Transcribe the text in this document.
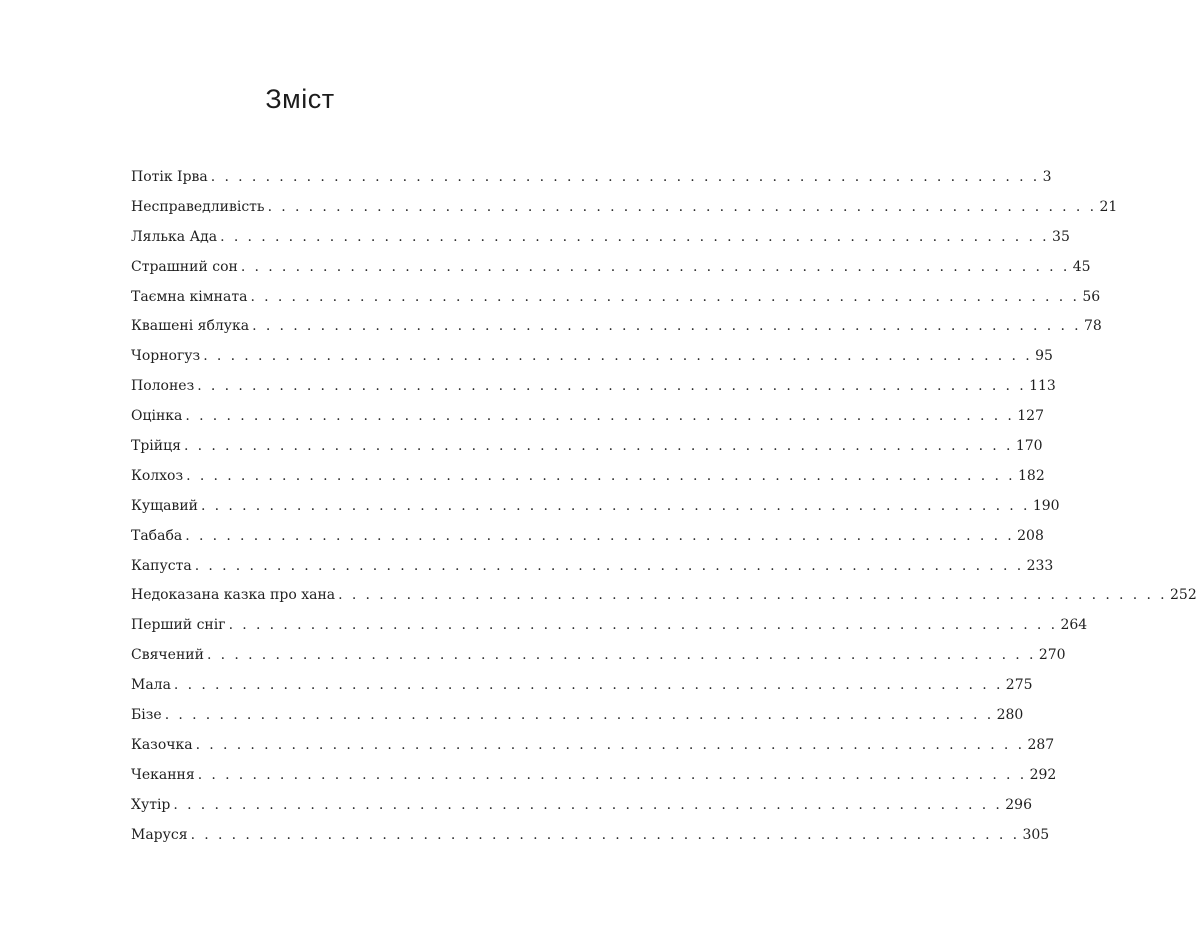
Зміст
Потік Ірва . . . . . . . . . . . . . . . . . . . . . . . . . . . . . . . . . . . . . . . . . . . . . . . . . . . . . . . . . . . . . 3
Несправедливість . . . . . . . . . . . . . . . . . . . . . . . . . . . . . . . . . . . . . . . . . . . . . . . . . . . . . . . . . . . . . 21
Лялька Ада . . . . . . . . . . . . . . . . . . . . . . . . . . . . . . . . . . . . . . . . . . . . . . . . . . . . . . . . . . . . . 35
Страшний сон . . . . . . . . . . . . . . . . . . . . . . . . . . . . . . . . . . . . . . . . . . . . . . . . . . . . . . . . . . . . . 45
Таємна кімната . . . . . . . . . . . . . . . . . . . . . . . . . . . . . . . . . . . . . . . . . . . . . . . . . . . . . . . . . . . . . 56
Квашені яблука . . . . . . . . . . . . . . . . . . . . . . . . . . . . . . . . . . . . . . . . . . . . . . . . . . . . . . . . . . . . . 78
Чорногуз . . . . . . . . . . . . . . . . . . . . . . . . . . . . . . . . . . . . . . . . . . . . . . . . . . . . . . . . . . . . . 95
Полонез . . . . . . . . . . . . . . . . . . . . . . . . . . . . . . . . . . . . . . . . . . . . . . . . . . . . . . . . . . . . . 113
Оцінка . . . . . . . . . . . . . . . . . . . . . . . . . . . . . . . . . . . . . . . . . . . . . . . . . . . . . . . . . . . . . 127
Трійця . . . . . . . . . . . . . . . . . . . . . . . . . . . . . . . . . . . . . . . . . . . . . . . . . . . . . . . . . . . . . 170
Колхоз . . . . . . . . . . . . . . . . . . . . . . . . . . . . . . . . . . . . . . . . . . . . . . . . . . . . . . . . . . . . . 182
Кущавий . . . . . . . . . . . . . . . . . . . . . . . . . . . . . . . . . . . . . . . . . . . . . . . . . . . . . . . . . . . . . 190
Табаба . . . . . . . . . . . . . . . . . . . . . . . . . . . . . . . . . . . . . . . . . . . . . . . . . . . . . . . . . . . . . 208
Капуста . . . . . . . . . . . . . . . . . . . . . . . . . . . . . . . . . . . . . . . . . . . . . . . . . . . . . . . . . . . . . 233
Недоказана казка про хана . . . . . . . . . . . . . . . . . . . . . . . . . . . . . . . . . . . . . . . . . . . . . . . . . . . . . . . . . . . . . 252
Перший сніг . . . . . . . . . . . . . . . . . . . . . . . . . . . . . . . . . . . . . . . . . . . . . . . . . . . . . . . . . . . . . 264
Свячений . . . . . . . . . . . . . . . . . . . . . . . . . . . . . . . . . . . . . . . . . . . . . . . . . . . . . . . . . . . . . 270
Мала . . . . . . . . . . . . . . . . . . . . . . . . . . . . . . . . . . . . . . . . . . . . . . . . . . . . . . . . . . . . . 275
Бізе . . . . . . . . . . . . . . . . . . . . . . . . . . . . . . . . . . . . . . . . . . . . . . . . . . . . . . . . . . . . . 280
Казочка . . . . . . . . . . . . . . . . . . . . . . . . . . . . . . . . . . . . . . . . . . . . . . . . . . . . . . . . . . . . . 287
Чекання . . . . . . . . . . . . . . . . . . . . . . . . . . . . . . . . . . . . . . . . . . . . . . . . . . . . . . . . . . . . . 292
Хутір . . . . . . . . . . . . . . . . . . . . . . . . . . . . . . . . . . . . . . . . . . . . . . . . . . . . . . . . . . . . . 296
Маруся . . . . . . . . . . . . . . . . . . . . . . . . . . . . . . . . . . . . . . . . . . . . . . . . . . . . . . . . . . . . . 305
